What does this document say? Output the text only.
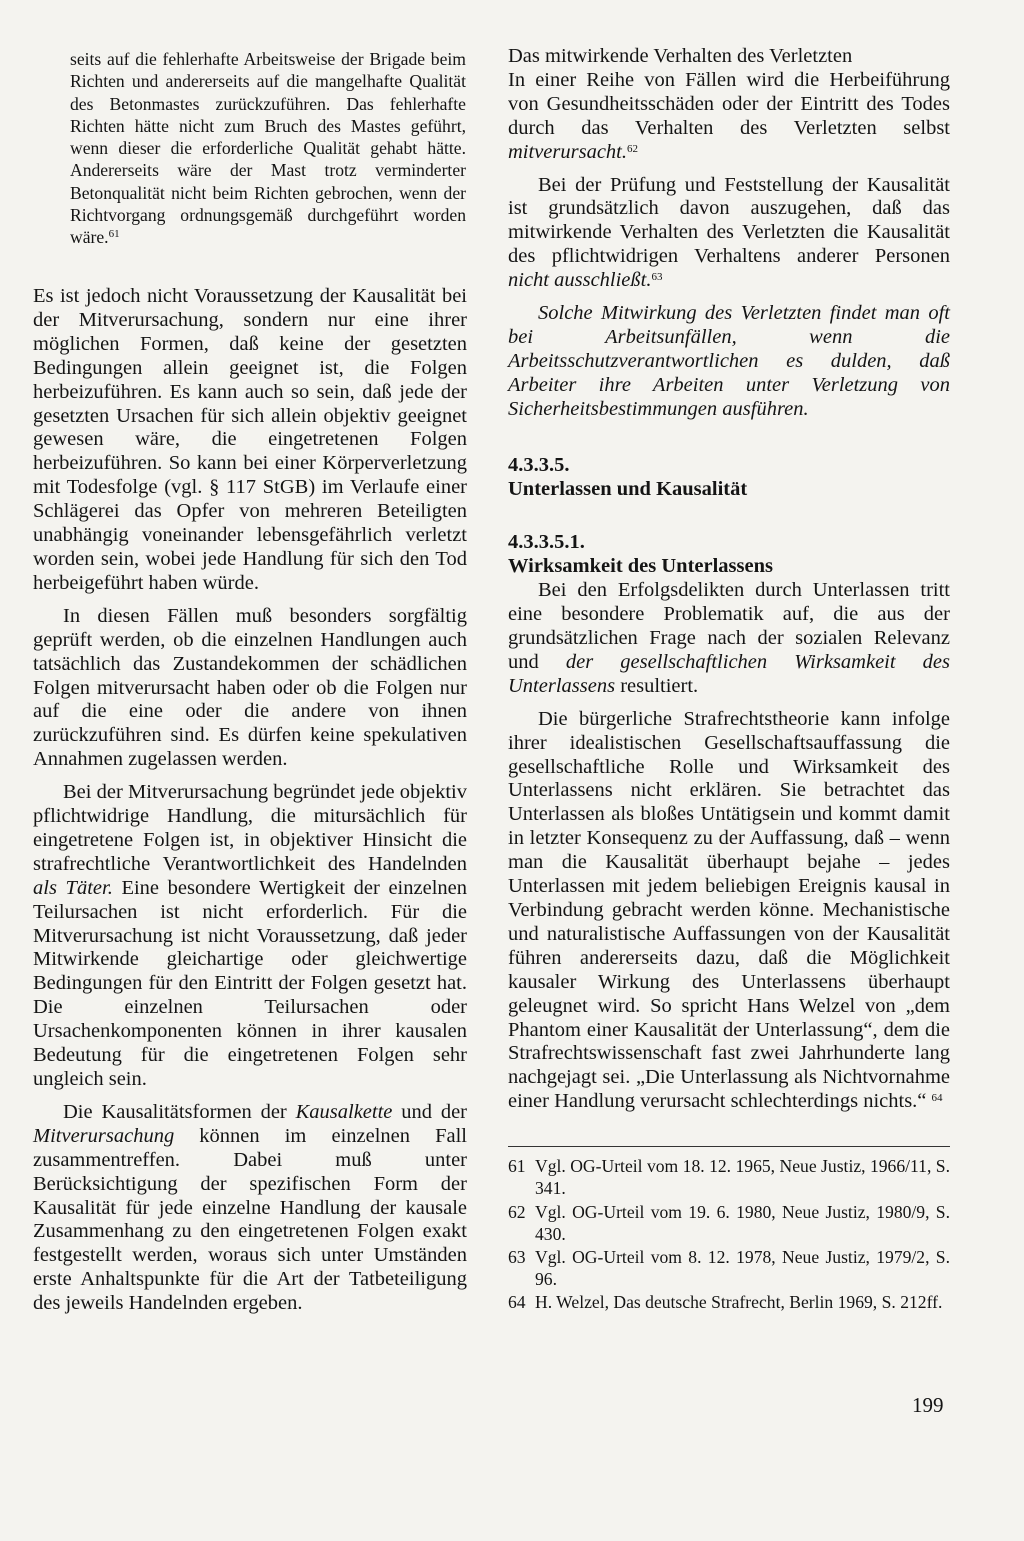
seits auf die fehlerhafte Arbeitsweise der Brigade beim Richten und andererseits auf die mangelhafte Qualität des Betonmastes zurückzuführen. Das fehlerhafte Richten hätte nicht zum Bruch des Mastes geführt, wenn dieser die erforderliche Qualität gehabt hätte. Andererseits wäre der Mast trotz verminderter Betonqualität nicht beim Richten gebrochen, wenn der Richtvorgang ordnungsgemäß durchgeführt worden wäre.$^{61}$

Es ist jedoch nicht Voraussetzung der Kausalität bei der Mitverursachung, sondern nur eine ihrer möglichen Formen, daß keine der gesetzten Bedingungen allein geeignet ist, die Folgen herbeizuführen. Es kann auch so sein, daß jede der gesetzten Ursachen für sich allein objektiv geeignet gewesen wäre, die eingetretenen Folgen herbeizuführen. So kann bei einer Körperverletzung mit Todesfolge (vgl. § 117 StGB) im Verlaufe einer Schlägerei das Opfer von mehreren Beteiligten unabhängig voneinander lebensgefährlich verletzt worden sein, wobei jede Handlung für sich den Tod herbeigeführt haben würde.

In diesen Fällen muß besonders sorgfältig geprüft werden, ob die einzelnen Handlungen auch tatsächlich das Zustandekommen der schädlichen Folgen mitverursacht haben oder ob die Folgen nur auf die eine oder die andere von ihnen zurückzuführen sind. Es dürfen keine spekulativen Annahmen zugelassen werden.

Bei der Mitverursachung begründet jede objektiv pflichtwidrige Handlung, die mitursächlich für eingetretene Folgen ist, in objektiver Hinsicht die strafrechtliche Verantwortlichkeit des Handelnden als Täter. Eine besondere Wertigkeit der einzelnen Teilursachen ist nicht erforderlich. Für die Mitverursachung ist nicht Voraussetzung, daß jeder Mitwirkende gleichartige oder gleichwertige Bedingungen für den Eintritt der Folgen gesetzt hat. Die einzelnen Teilursachen oder Ursachenkomponenten können in ihrer kausalen Bedeutung für die eingetretenen Folgen sehr ungleich sein.

Die Kausalitätsformen der Kausalkette und der Mitverursachung können im einzelnen Fall zusammentreffen. Dabei muß unter Berücksichtigung der spezifischen Form der Kausalität für jede einzelne Handlung der kausale Zusammenhang zu den eingetretenen Folgen exakt festgestellt werden, woraus sich unter Umständen erste Anhaltspunkte für die Art der Tatbeteiligung des jeweils Handelnden ergeben.

Das mitwirkende Verhalten des Verletzten

In einer Reihe von Fällen wird die Herbeiführung von Gesundheitsschäden oder der Eintritt des Todes durch das Verhalten des Verletzten selbst mitverursacht.$^{62}$

Bei der Prüfung und Feststellung der Kausalität ist grundsätzlich davon auszugehen, daß das mitwirkende Verhalten des Verletzten die Kausalität des pflichtwidrigen Verhaltens anderer Personen nicht ausschließt.$^{63}$

Solche Mitwirkung des Verletzten findet man oft bei Arbeitsunfällen, wenn die Arbeitsschutzverantwortlichen es dulden, daß Arbeiter ihre Arbeiten unter Verletzung von Sicherheitsbestimmungen ausführen.

4.3.3.5.

Unterlassen und Kausalität

4.3.3.5.1.

Wirksamkeit des Unterlassens

Bei den Erfolgsdelikten durch Unterlassen tritt eine besondere Problematik auf, die aus der grundsätzlichen Frage nach der sozialen Relevanz und der gesellschaftlichen Wirksamkeit des Unterlassens resultiert.

Die bürgerliche Strafrechtstheorie kann infolge ihrer idealistischen Gesellschaftsauffassung die gesellschaftliche Rolle und Wirksamkeit des Unterlassens nicht erklären. Sie betrachtet das Unterlassen als bloßes Untätigsein und kommt damit in letzter Konsequenz zu der Auffassung, daß – wenn man die Kausalität überhaupt bejahe – jedes Unterlassen mit jedem beliebigen Ereignis kausal in Verbindung gebracht werden könne. Mechanistische und naturalistische Auffassungen von der Kausalität führen andererseits dazu, daß die Möglichkeit kausaler Wirkung des Unterlassens überhaupt geleugnet wird. So spricht Hans Welzel von „dem Phantom einer Kausalität der Unterlassung“, dem die Strafrechtswissenschaft fast zwei Jahrhunderte lang nachgejagt sei. „Die Unterlassung als Nichtvornahme einer Handlung verursacht schlechterdings nichts.“ $^{64}$

61 Vgl. OG-Urteil vom 18. 12. 1965, Neue Justiz, 1966/11, S. 341.
62 Vgl. OG-Urteil vom 19. 6. 1980, Neue Justiz, 1980/9, S. 430.
63 Vgl. OG-Urteil vom 8. 12. 1978, Neue Justiz, 1979/2, S. 96.
64 H. Welzel, Das deutsche Strafrecht, Berlin 1969, S. 212ff.
199
